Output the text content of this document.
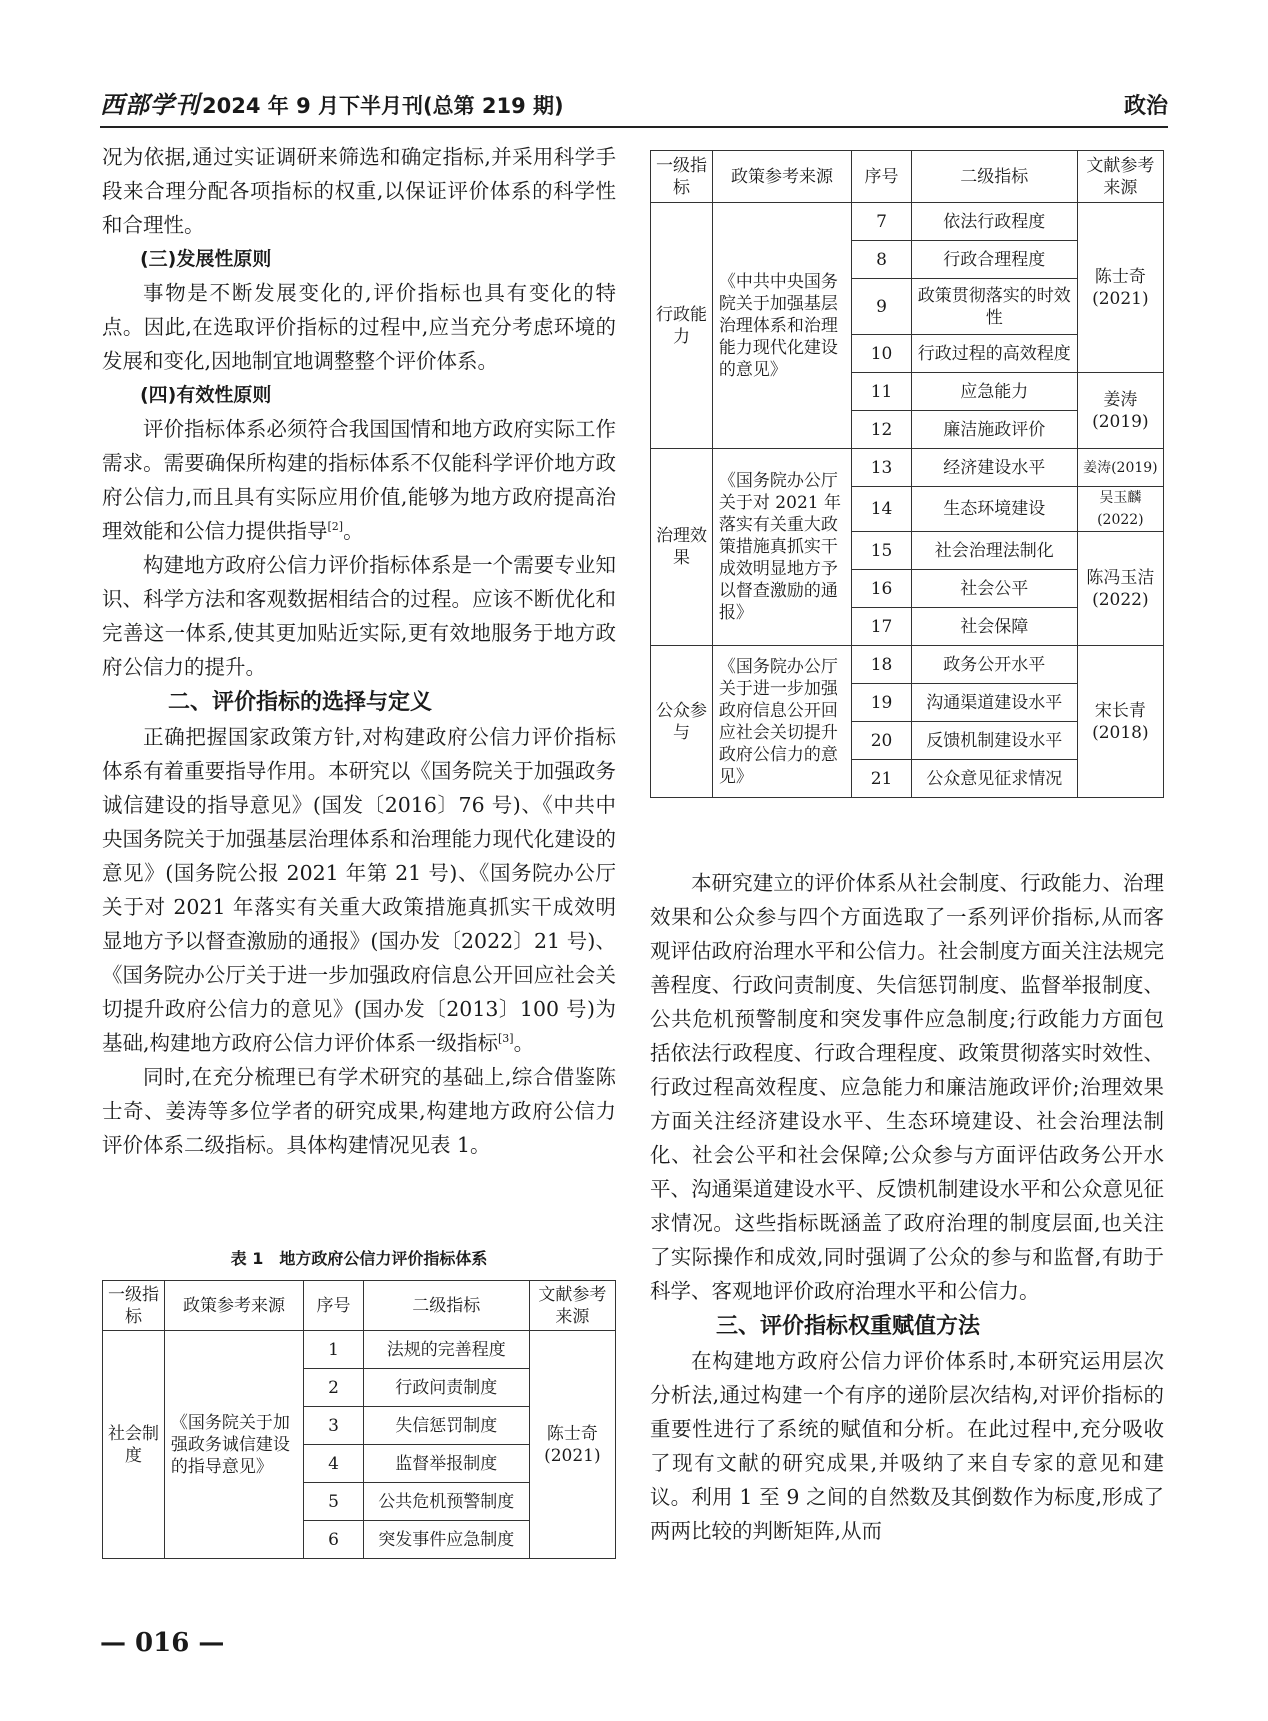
西部学刊 2024 年 9 月下半月刊(总第 219 期)	政治

况为依据,通过实证调研来筛选和确定指标,并采用科学手段来合理分配各项指标的权重,以保证评价体系的科学性和合理性。

(三)发展性原则

事物是不断发展变化的,评价指标也具有变化的特点。因此,在选取评价指标的过程中,应当充分考虑环境的发展和变化,因地制宜地调整整个评价体系。

(四)有效性原则

评价指标体系必须符合我国国情和地方政府实际工作需求。需要确保所构建的指标体系不仅能科学评价地方政府公信力,而且具有实际应用价值,能够为地方政府提高治理效能和公信力提供指导[2]。

构建地方政府公信力评价指标体系是一个需要专业知识、科学方法和客观数据相结合的过程。应该不断优化和完善这一体系,使其更加贴近实际,更有效地服务于地方政府公信力的提升。

二、评价指标的选择与定义

正确把握国家政策方针,对构建政府公信力评价指标体系有着重要指导作用。本研究以《国务院关于加强政务诚信建设的指导意见》(国发〔2016〕76 号)、《中共中央国务院关于加强基层治理体系和治理能力现代化建设的意见》(国务院公报 2021 年第 21 号)、《国务院办公厅关于对 2021 年落实有关重大政策措施真抓实干成效明显地方予以督查激励的通报》(国办发〔2022〕21 号)、《国务院办公厅关于进一步加强政府信息公开回应社会关切提升政府公信力的意见》(国办发〔2013〕100 号)为基础,构建地方政府公信力评价体系一级指标[3]。

同时,在充分梳理已有学术研究的基础上,综合借鉴陈士奇、姜涛等多位学者的研究成果,构建地方政府公信力评价体系二级指标。具体构建情况见表 1。

表 1　地方政府公信力评价指标体系
一级指标	政策参考来源	序号	二级指标	文献参考来源
社会制度	《国务院关于加强政务诚信建设的指导意见》	1	法规的完善程度	陈士奇(2021)
		2	行政问责制度	
		3	失信惩罚制度	
		4	监督举报制度	
		5	公共危机预警制度	
		6	突发事件应急制度	
一级指标	政策参考来源	序号	二级指标	文献参考来源
行政能力	《中共中央国务院关于加强基层治理体系和治理能力现代化建设的意见》	7	依法行政程度	陈士奇(2021)
		8	行政合理程度	
		9	政策贯彻落实的时效性	
		10	行政过程的高效程度	
		11	应急能力	姜涛(2019)
		12	廉洁施政评价	
治理效果	《国务院办公厅关于对 2021 年落实有关重大政策措施真抓实干成效明显地方予以督查激励的通报》	13	经济建设水平	姜涛(2019)
		14	生态环境建设	吴玉麟(2022)
		15	社会治理法制化	陈冯玉洁(2022)
		16	社会公平	
		17	社会保障	
公众参与	《国务院办公厅关于进一步加强政府信息公开回应社会关切提升政府公信力的意见》	18	政务公开水平	宋长青(2018)
		19	沟通渠道建设水平	
		20	反馈机制建设水平	
		21	公众意见征求情况	

本研究建立的评价体系从社会制度、行政能力、治理效果和公众参与四个方面选取了一系列评价指标,从而客观评估政府治理水平和公信力。社会制度方面关注法规完善程度、行政问责制度、失信惩罚制度、监督举报制度、公共危机预警制度和突发事件应急制度;行政能力方面包括依法行政程度、行政合理程度、政策贯彻落实时效性、行政过程高效程度、应急能力和廉洁施政评价;治理效果方面关注经济建设水平、生态环境建设、社会治理法制化、社会公平和社会保障;公众参与方面评估政务公开水平、沟通渠道建设水平、反馈机制建设水平和公众意见征求情况。这些指标既涵盖了政府治理的制度层面,也关注了实际操作和成效,同时强调了公众的参与和监督,有助于科学、客观地评价政府治理水平和公信力。

三、评价指标权重赋值方法

在构建地方政府公信力评价体系时,本研究运用层次分析法,通过构建一个有序的递阶层次结构,对评价指标的重要性进行了系统的赋值和分析。在此过程中,充分吸收了现有文献的研究成果,并吸纳了来自专家的意见和建议。利用 1 至 9 之间的自然数及其倒数作为标度,形成了两两比较的判断矩阵,从而

— 016 —
